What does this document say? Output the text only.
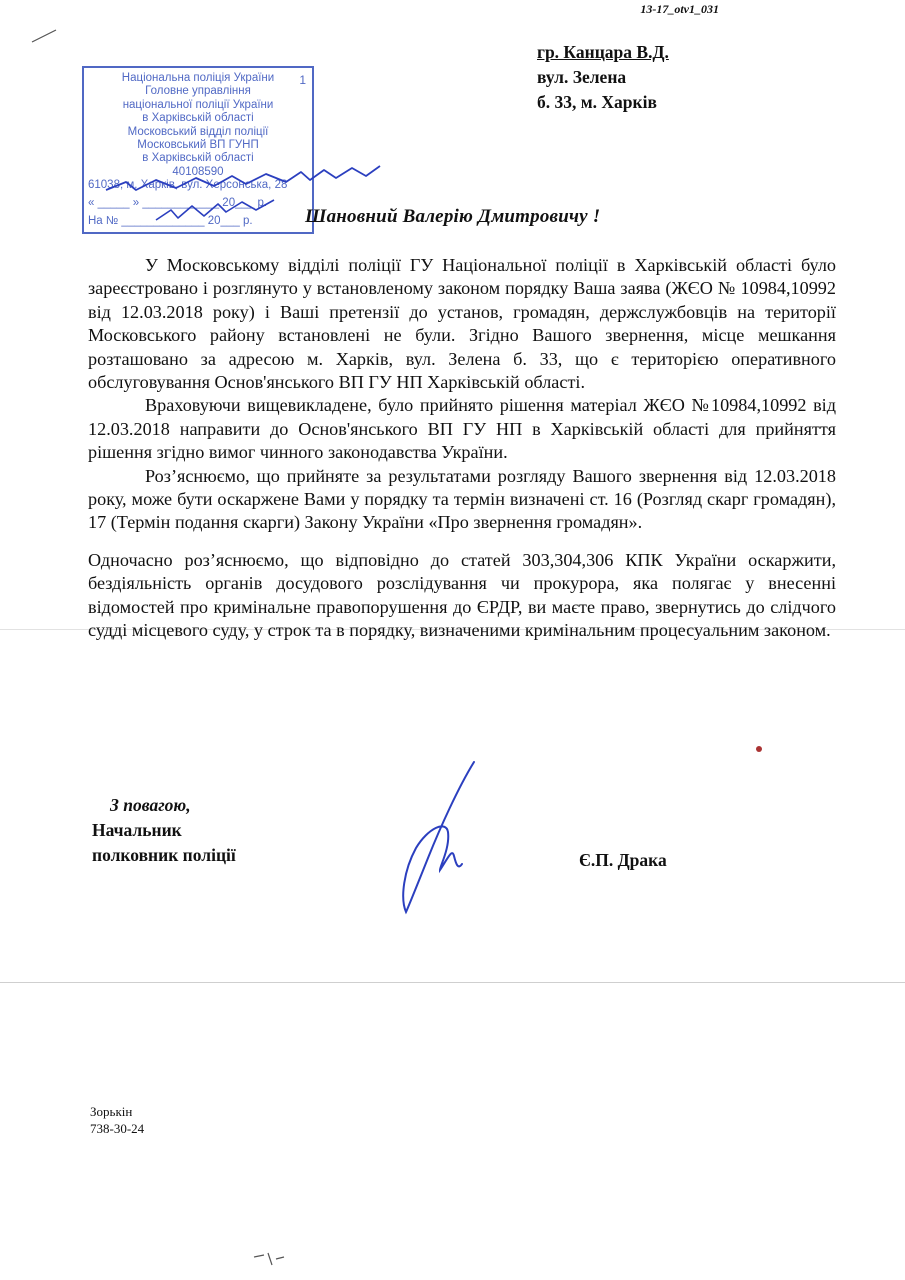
13-17_otv1_031
гр. Канцара В.Д.
вул. Зелена
б. 33, м. Харків
1
Національна поліція України
Головне управління
національної поліції України
в Харківській області
Московський відділ поліції
Московський ВП ГУНП
в Харківській області
40108590
61038, м. Харків, вул. Херсонська, 28
« _____ » ____________ 20___ р.
На № _____________ 20___ р.	Шановний Валерію Дмитровичу !

У Московському відділі поліції ГУ Національної поліції в Харківській області було зареєстровано і розглянуто у встановленому законом порядку Ваша заява (ЖЄО № 10984,10992 від 12.03.2018 року) і Ваші претензії до установ, громадян, держслужбовців на території Московського району встановлені не були. Згідно Вашого звернення, місце мешкання розташовано за адресою м. Харків, вул. Зелена б. 33, що є територією оперативного обслуговування Основ'янського ВП ГУ НП Харківській області.

Враховуючи вищевикладене, було прийнято рішення матеріал ЖЄО №10984,10992 від 12.03.2018 направити до Основ'янського ВП ГУ НП в Харківській області для прийняття рішення згідно вимог чинного законодавства України.

Роз’яснюємо, що прийняте за результатами розгляду Вашого звернення від 12.03.2018 року, може бути оскаржене Вами у порядку та термін визначені ст. 16 (Розгляд скарг громадян), 17 (Термін подання скарги) Закону України «Про звернення громадян».

Одночасно роз’яснюємо, що відповідно до статей 303,304,306 КПК України оскаржити, бездіяльність органів досудового розслідування чи прокурора, яка полягає у внесенні відомостей про кримінальне правопорушення до ЄРДР, ви маєте право, звернутись до слідчого судді місцевого суду, у строк та в порядку, визначеними кримінальним процесуальним законом.

З повагою,
Начальник
полковник поліції	Є.П. Драка
Зорькін
738-30-24
